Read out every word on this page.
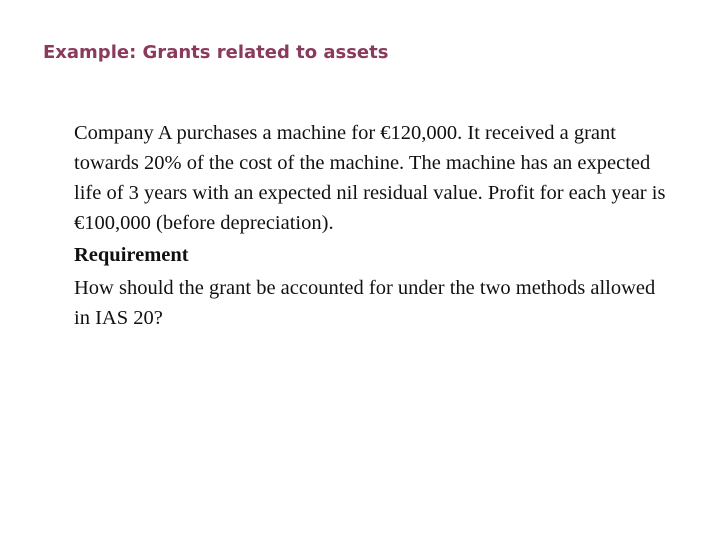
Example: Grants related to assets

Company A purchases a machine for €120,000. It received a grant towards 20% of the cost of the machine. The machine has an expected life of 3 years with an expected nil residual value. Profit for each year is €100,000 (before depreciation).

Requirement

How should the grant be accounted for under the two methods allowed in IAS 20?
